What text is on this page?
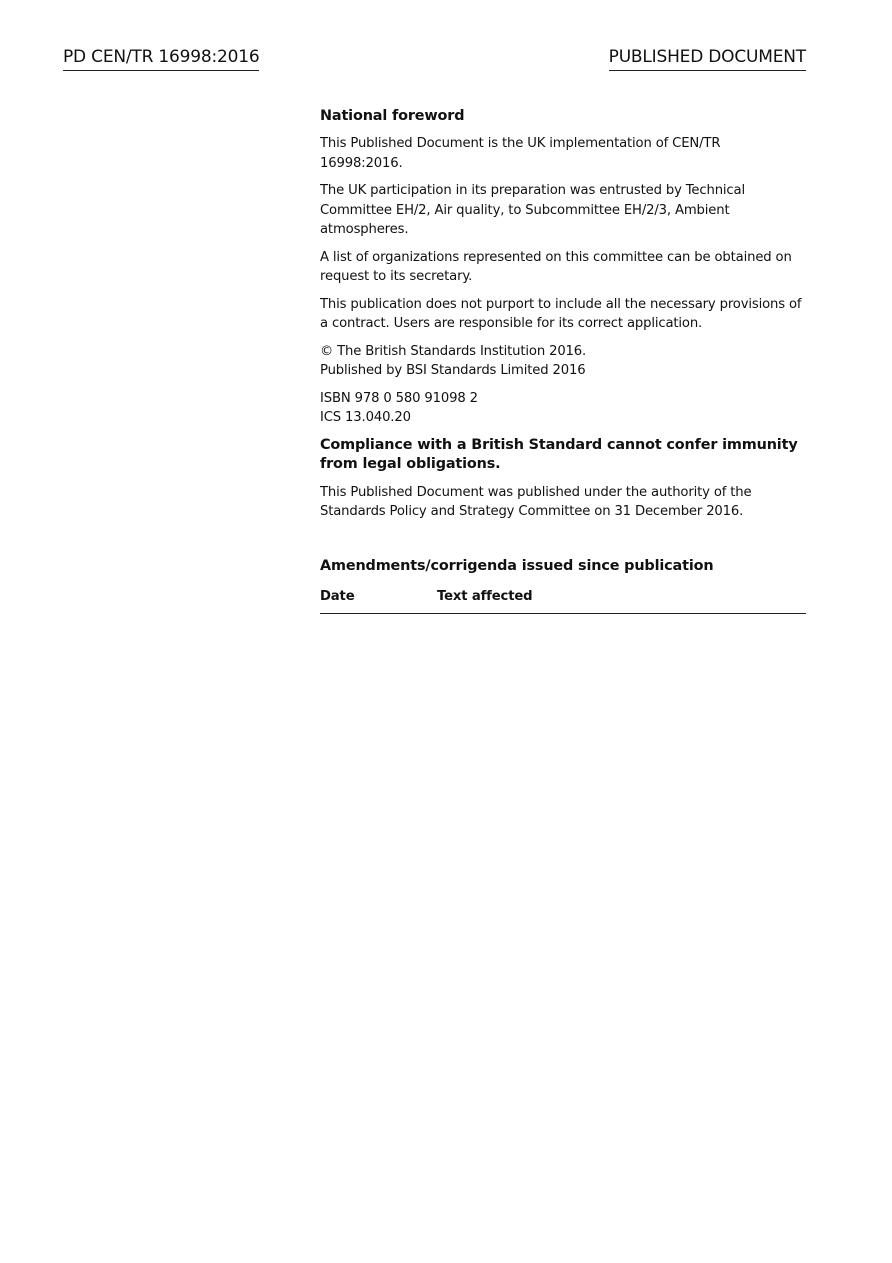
PD CEN/TR 16998:2016	PUBLISHED DOCUMENT
National foreword

This Published Document is the UK implementation of CEN/TR 16998:2016.

The UK participation in its preparation was entrusted by Technical Committee EH/2, Air quality, to Subcommittee EH/2/3, Ambient atmospheres.

A list of organizations represented on this committee can be obtained on request to its secretary.

This publication does not purport to include all the necessary provisions of a contract. Users are responsible for its correct application.

© The British Standards Institution 2016.
Published by BSI Standards Limited 2016

ISBN 978 0 580 91098 2
ICS 13.040.20

Compliance with a British Standard cannot confer immunity from legal obligations.

This Published Document was published under the authority of the Standards Policy and Strategy Committee on 31 December 2016.

Amendments/corrigenda issued since publication
Date	Text affected
